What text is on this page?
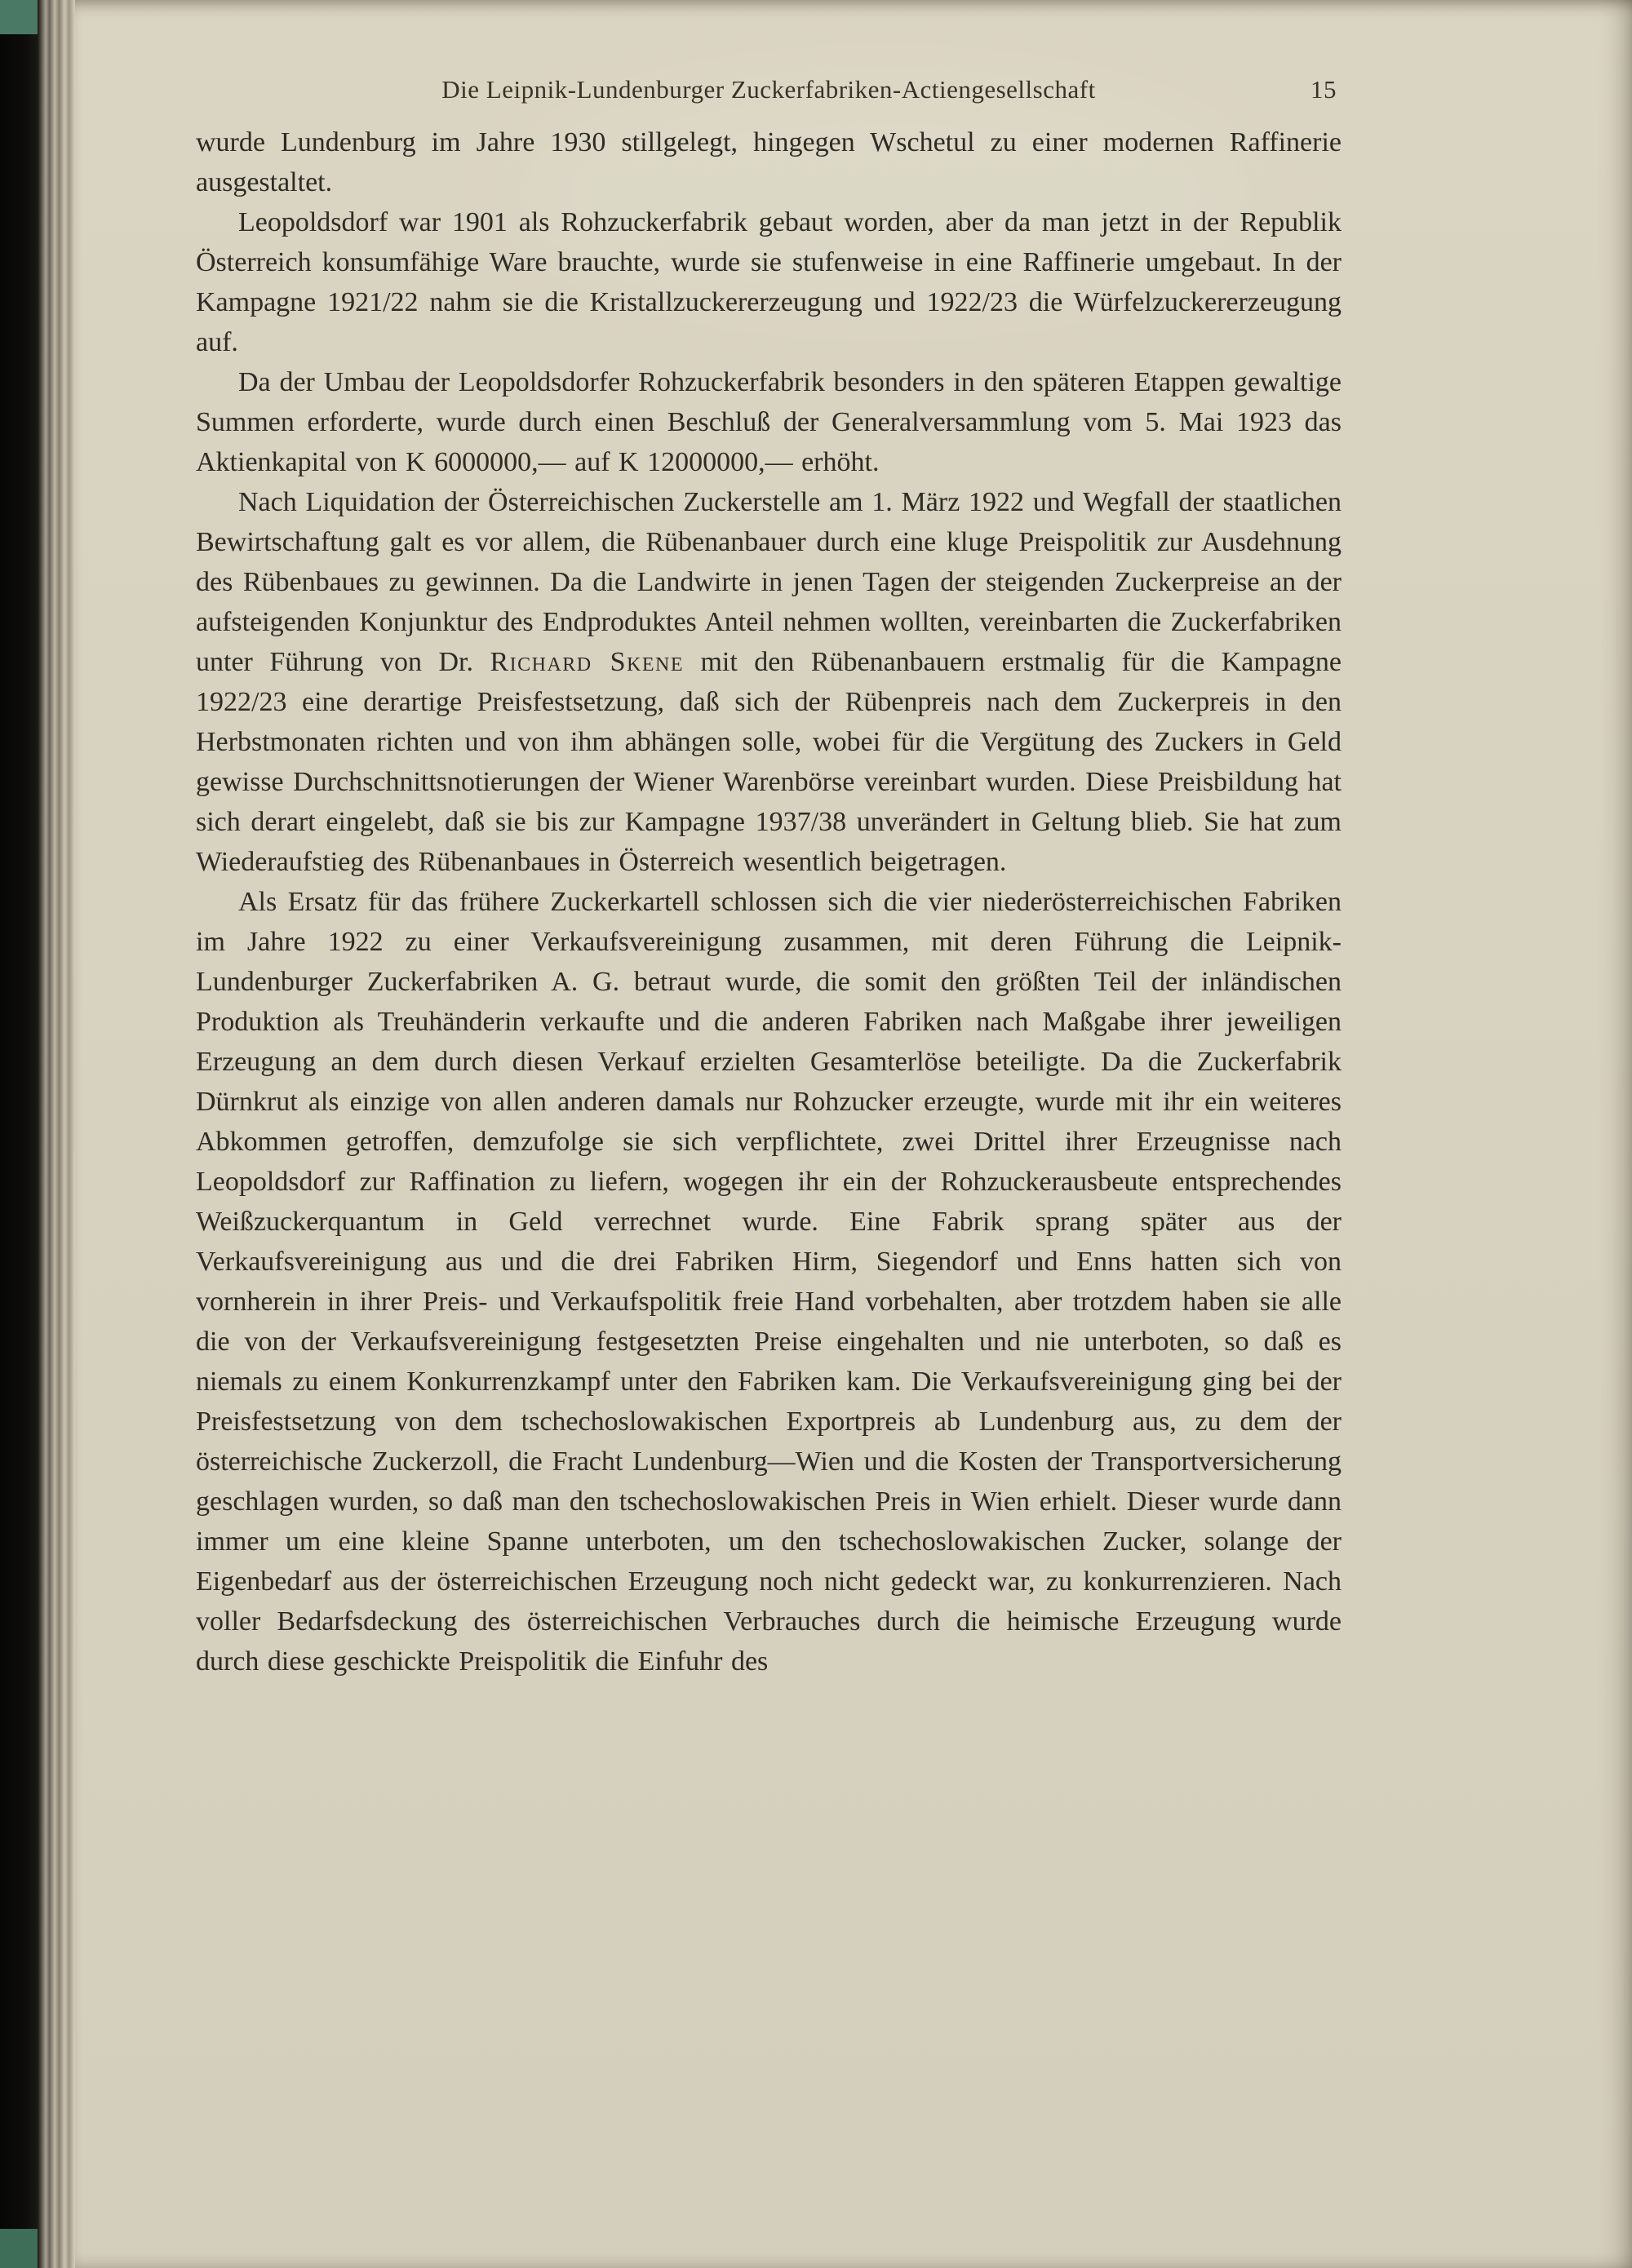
Die Leipnik-Lundenburger Zuckerfabriken-Actiengesellschaft	15

wurde Lundenburg im Jahre 1930 stillgelegt, hingegen Wschetul zu einer modernen Raffinerie ausgestaltet.

Leopoldsdorf war 1901 als Rohzuckerfabrik gebaut worden, aber da man jetzt in der Republik Österreich konsumfähige Ware brauchte, wurde sie stufenweise in eine Raffinerie umgebaut. In der Kampagne 1921/22 nahm sie die Kristallzuckererzeugung und 1922/23 die Würfelzuckererzeugung auf.

Da der Umbau der Leopoldsdorfer Rohzuckerfabrik besonders in den späteren Etappen gewaltige Summen erforderte, wurde durch einen Beschluß der Generalversammlung vom 5. Mai 1923 das Aktienkapital von K 6000000,— auf K 12000000,— erhöht.

Nach Liquidation der Österreichischen Zuckerstelle am 1. März 1922 und Wegfall der staatlichen Bewirtschaftung galt es vor allem, die Rübenanbauer durch eine kluge Preispolitik zur Ausdehnung des Rübenbaues zu gewinnen. Da die Landwirte in jenen Tagen der steigenden Zuckerpreise an der aufsteigenden Konjunktur des Endproduktes Anteil nehmen wollten, vereinbarten die Zuckerfabriken unter Führung von Dr. Richard Skene mit den Rübenanbauern erstmalig für die Kampagne 1922/23 eine derartige Preisfestsetzung, daß sich der Rübenpreis nach dem Zuckerpreis in den Herbstmonaten richten und von ihm abhängen solle, wobei für die Vergütung des Zuckers in Geld gewisse Durchschnittsnotierungen der Wiener Warenbörse vereinbart wurden. Diese Preisbildung hat sich derart eingelebt, daß sie bis zur Kampagne 1937/38 unverändert in Geltung blieb. Sie hat zum Wiederaufstieg des Rübenanbaues in Österreich wesentlich beigetragen.

Als Ersatz für das frühere Zuckerkartell schlossen sich die vier niederösterreichischen Fabriken im Jahre 1922 zu einer Verkaufsvereinigung zusammen, mit deren Führung die Leipnik-Lundenburger Zuckerfabriken A. G. betraut wurde, die somit den größten Teil der inländischen Produktion als Treuhänderin verkaufte und die anderen Fabriken nach Maßgabe ihrer jeweiligen Erzeugung an dem durch diesen Verkauf erzielten Gesamterlöse beteiligte. Da die Zuckerfabrik Dürnkrut als einzige von allen anderen damals nur Rohzucker erzeugte, wurde mit ihr ein weiteres Abkommen getroffen, demzufolge sie sich verpflichtete, zwei Drittel ihrer Erzeugnisse nach Leopoldsdorf zur Raffination zu liefern, wogegen ihr ein der Rohzuckerausbeute entsprechendes Weißzuckerquantum in Geld verrechnet wurde. Eine Fabrik sprang später aus der Verkaufsvereinigung aus und die drei Fabriken Hirm, Siegendorf und Enns hatten sich von vornherein in ihrer Preis- und Verkaufspolitik freie Hand vorbehalten, aber trotzdem haben sie alle die von der Verkaufsvereinigung festgesetzten Preise eingehalten und nie unterboten, so daß es niemals zu einem Konkurrenzkampf unter den Fabriken kam. Die Verkaufsvereinigung ging bei der Preisfestsetzung von dem tschechoslowakischen Exportpreis ab Lundenburg aus, zu dem der österreichische Zuckerzoll, die Fracht Lundenburg—Wien und die Kosten der Transportversicherung geschlagen wurden, so daß man den tschechoslowakischen Preis in Wien erhielt. Dieser wurde dann immer um eine kleine Spanne unterboten, um den tschechoslowakischen Zucker, solange der Eigenbedarf aus der österreichischen Erzeugung noch nicht gedeckt war, zu konkurrenzieren. Nach voller Bedarfsdeckung des österreichischen Verbrauches durch die heimische Erzeugung wurde durch diese geschickte Preispolitik die Einfuhr des
